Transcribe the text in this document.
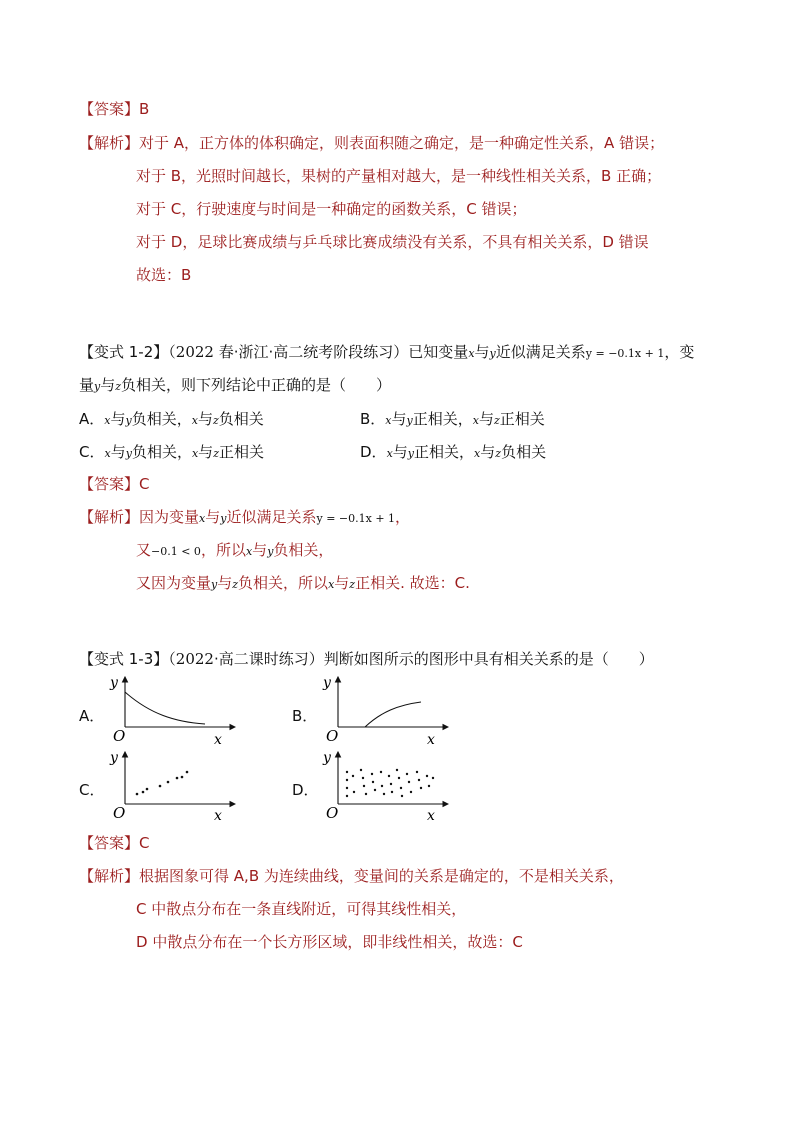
【答案】B
【解析】对于 A，正方体的体积确定，则表面积随之确定，是一种确定性关系，A 错误；
对于 B，光照时间越长，果树的产量相对越大，是一种线性相关关系，B 正确；
对于 C，行驶速度与时间是一种确定的函数关系，C 错误；
对于 D，足球比赛成绩与乒乓球比赛成绩没有关系，不具有相关关系，D 错误
故选：B
【变式 1-2】（2022 春·浙江·高二统考阶段练习）已知变量x与y近似满足关系y = −0.1x + 1，变
量y与z负相关，则下列结论中正确的是（　　）
A．x与y负相关，x与z负相关	B．x与y正相关，x与z正相关
C．x与y负相关，x与z正相关	D．x与y正相关，x与z负相关
【答案】C
【解析】因为变量x与y近似满足关系y = −0.1x + 1，
又−0.1 < 0，所以x与y负相关，
又因为变量y与z负相关，所以x与z正相关. 故选：C.
【变式 1-3】（2022·高二课时练习）判断如图所示的图形中具有相关关系的是（　　）
A．
y
O	x
B．
y
O	x
C．
y
O	x
D．
y
O	x
【答案】C
【解析】根据图象可得 A,B 为连续曲线，变量间的关系是确定的，不是相关关系，
C 中散点分布在一条直线附近，可得其线性相关，
D 中散点分布在一个长方形区域，即非线性相关，故选：C
